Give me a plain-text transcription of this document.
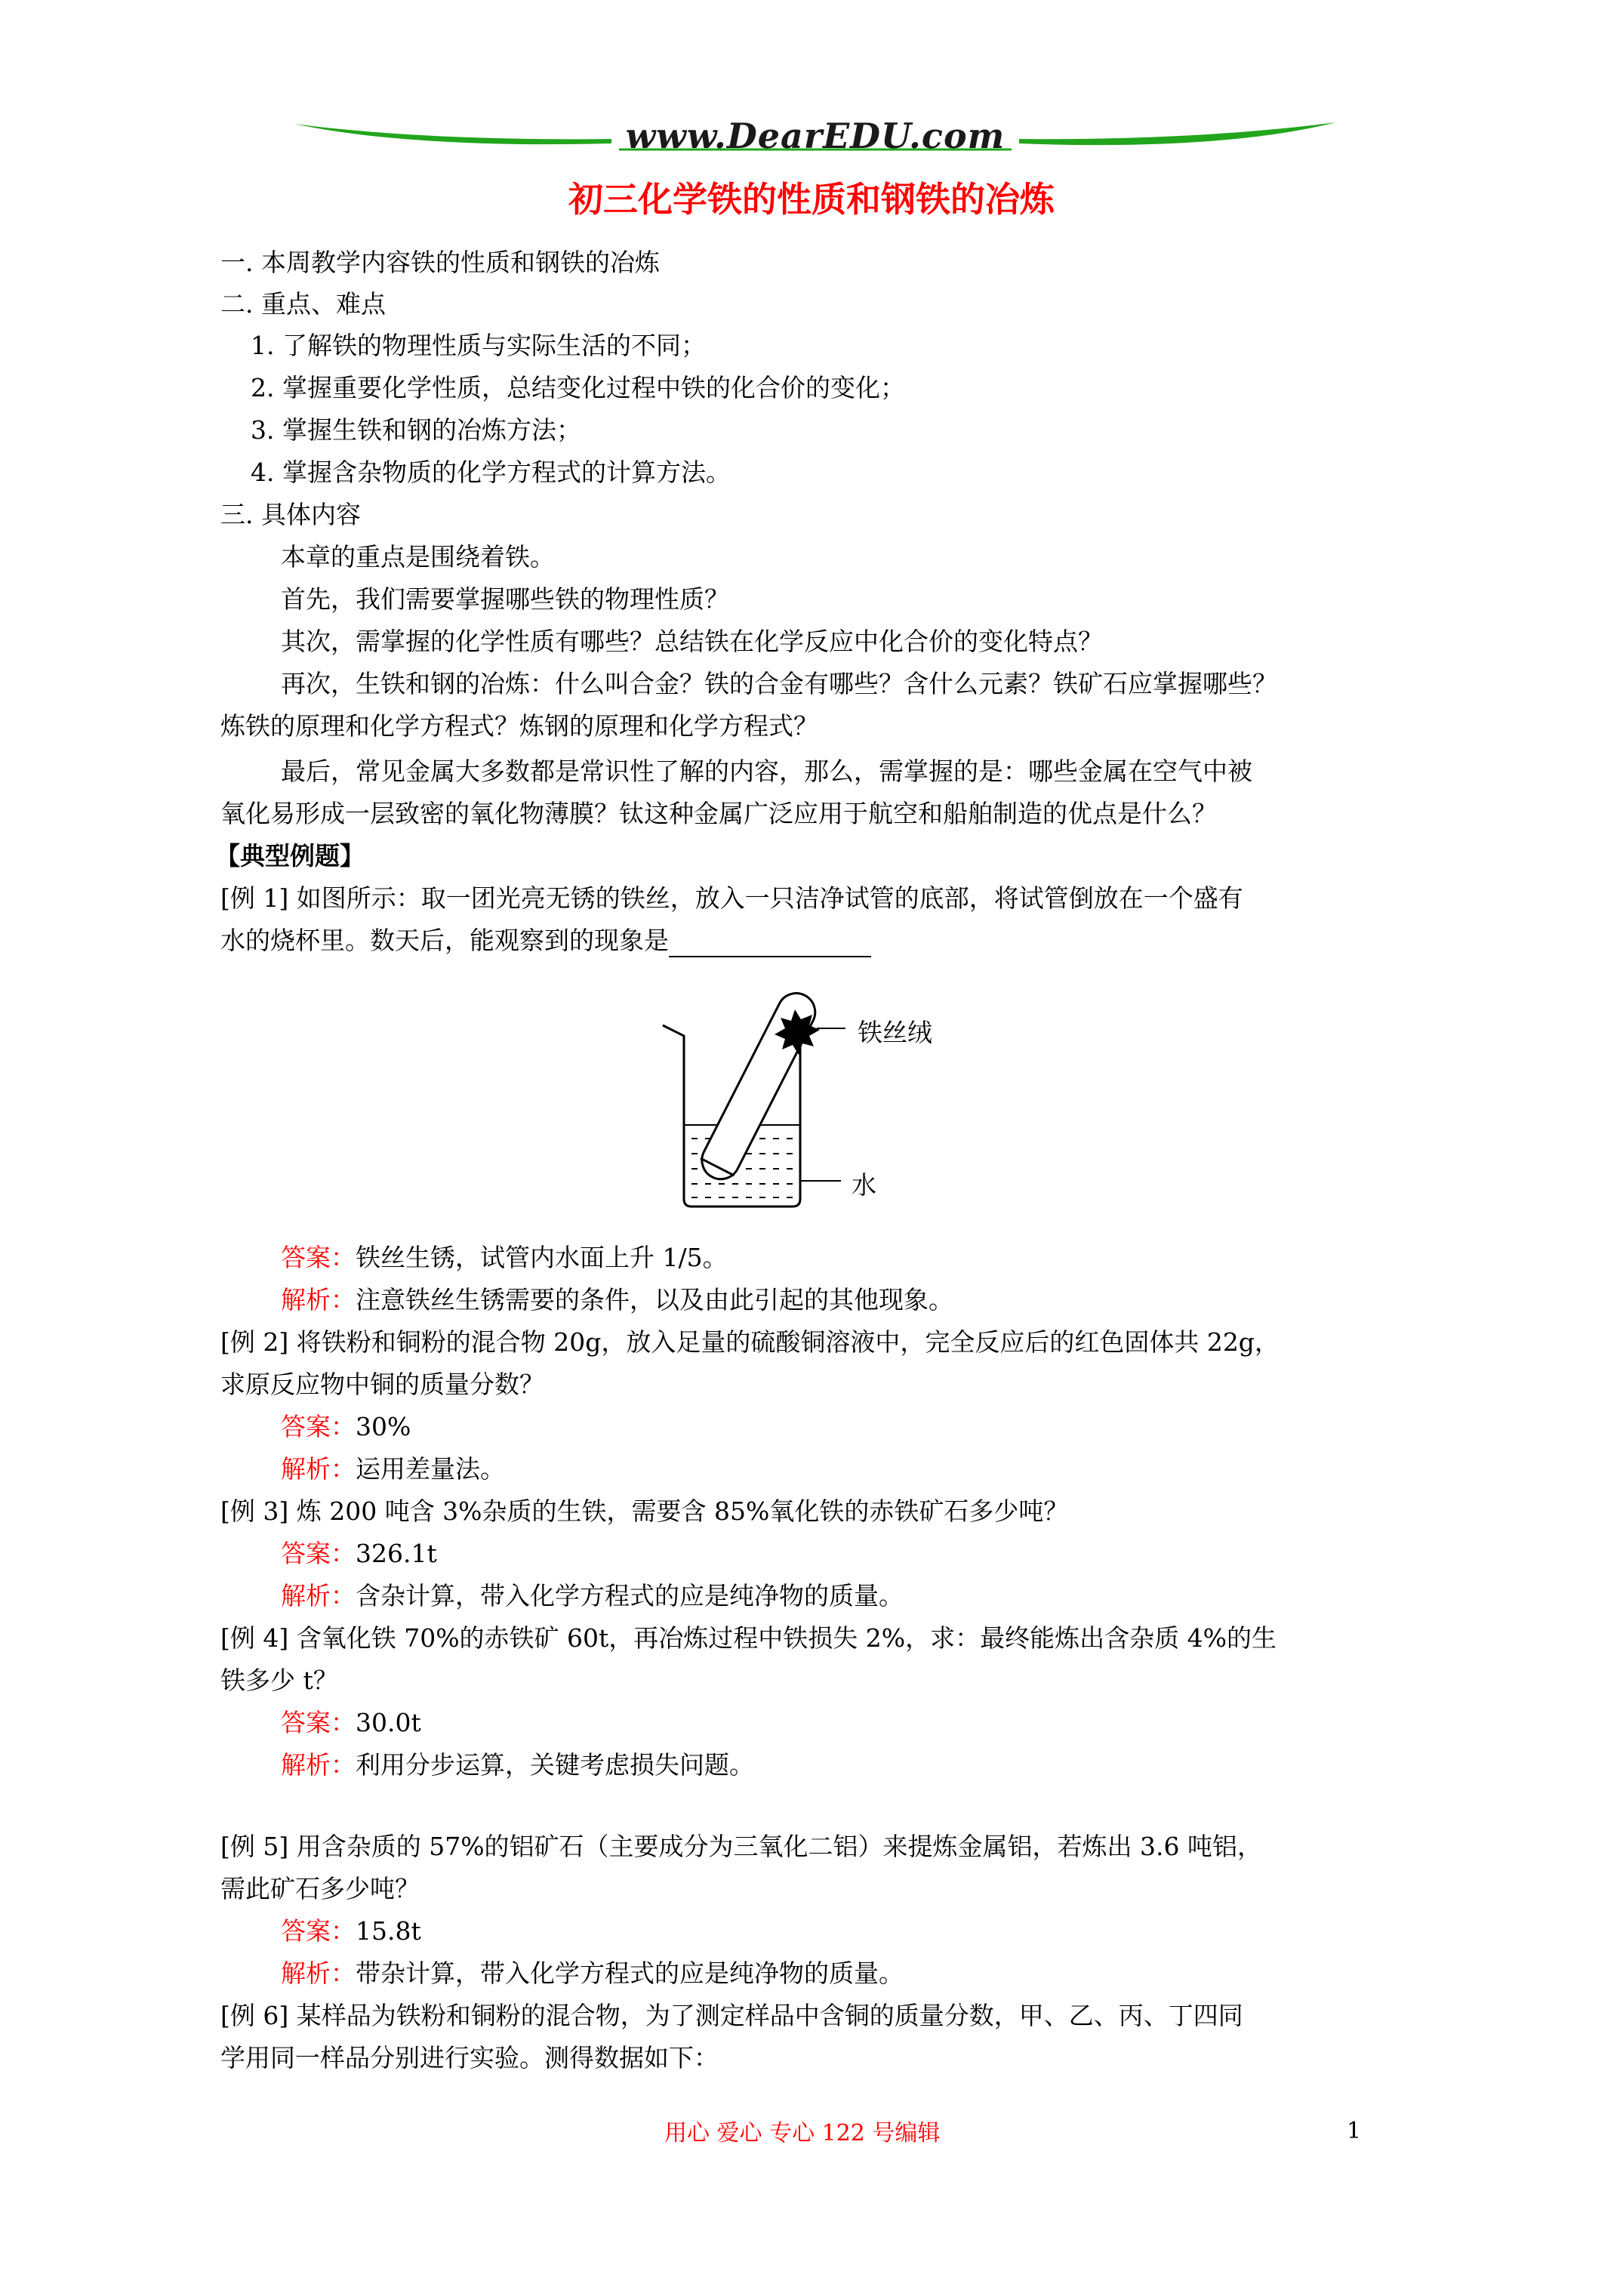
www.DearEDU.com
初三化学铁的性质和钢铁的冶炼
一. 本周教学内容铁的性质和钢铁的冶炼
二. 重点、难点
1. 了解铁的物理性质与实际生活的不同；
2. 掌握重要化学性质，总结变化过程中铁的化合价的变化；
3. 掌握生铁和钢的冶炼方法；
4. 掌握含杂物质的化学方程式的计算方法。
三. 具体内容
本章的重点是围绕着铁。
首先，我们需要掌握哪些铁的物理性质？
其次，需掌握的化学性质有哪些？总结铁在化学反应中化合价的变化特点？
再次，生铁和钢的冶炼：什么叫合金？铁的合金有哪些？含什么元素？铁矿石应掌握哪些？
炼铁的原理和化学方程式？炼钢的原理和化学方程式？
最后，常见金属大多数都是常识性了解的内容，那么，需掌握的是：哪些金属在空气中被
氧化易形成一层致密的氧化物薄膜？钛这种金属广泛应用于航空和船舶制造的优点是什么？
【典型例题】
[例 1] 如图所示：取一团光亮无锈的铁丝，放入一只洁净试管的底部，将试管倒放在一个盛有
水的烧杯里。数天后，能观察到的现象是
铁丝绒
水
答案：铁丝生锈，试管内水面上升 1/5。
解析：注意铁丝生锈需要的条件，以及由此引起的其他现象。
[例 2] 将铁粉和铜粉的混合物 20g，放入足量的硫酸铜溶液中，完全反应后的红色固体共 22g，
求原反应物中铜的质量分数？
答案：30%
解析：运用差量法。
[例 3] 炼 200 吨含 3%杂质的生铁，需要含 85%氧化铁的赤铁矿石多少吨？
答案：326.1t
解析：含杂计算，带入化学方程式的应是纯净物的质量。
[例 4] 含氧化铁 70%的赤铁矿 60t，再冶炼过程中铁损失 2%，求：最终能炼出含杂质 4%的生
铁多少 t？
答案：30.0t
解析：利用分步运算，关键考虑损失问题。
[例 5] 用含杂质的 57%的铝矿石（主要成分为三氧化二铝）来提炼金属铝，若炼出 3.6 吨铝，
需此矿石多少吨？
答案：15.8t
解析：带杂计算，带入化学方程式的应是纯净物的质量。
[例 6] 某样品为铁粉和铜粉的混合物，为了测定样品中含铜的质量分数，甲、乙、丙、丁四同
学用同一样品分别进行实验。测得数据如下：
用心 爱心 专心 122 号编辑	1
